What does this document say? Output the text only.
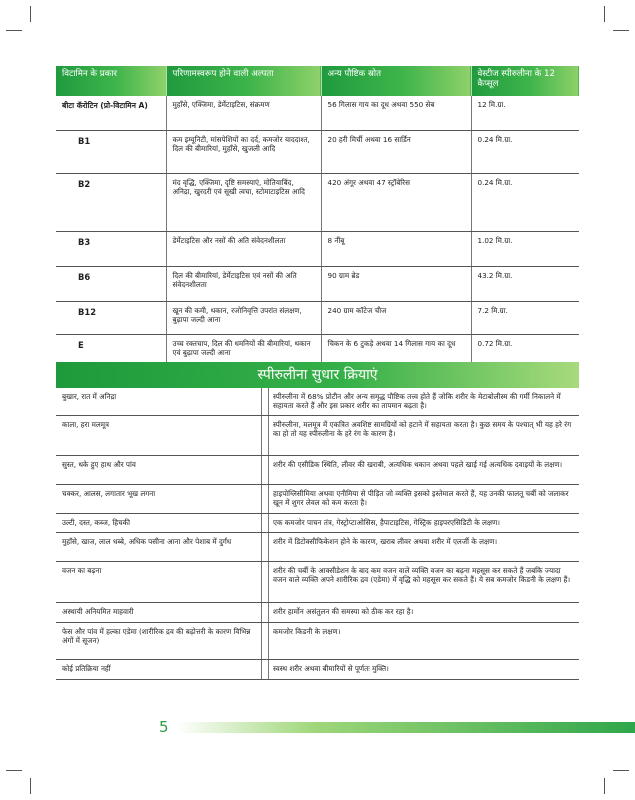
विटामिन के प्रकार	परिणामस्वरूप होने वाली अल्पता	अन्य पौष्टिक स्रोत	वेस्टीज स्पीरुलीना के 12 कैप्सूल
बीटा कॅरोटिन (प्रो-विटामिन A)	मुहाँसे, एक्जिमा, डेर्मेटाइटिस, संक्रमण	56 गिलास गाय का दूध अथवा 550 सेब	12 मि.ग्रा.
B1	कम इम्यूनिटी, मांसपेशियों का दर्द, कमजोर याददाश्त, दिल की बीमारियां, मुहाँसे, खुजली आदि	20 हरी मिर्ची अथवा 16 सार्डिन	0.24 मि.ग्रा.
B2	मंद वृद्धि, एक्जिमा, दृष्टि समस्याएं, मोतियाबिंद, अनिद्रा, खुरदरी एवं सूखी त्वचा, स्टोमाटाइटिस आदि	420 अंगूर अथवा 47 स्ट्रॉबेरिस	0.24 मि.ग्रा.
B3	डेर्मेटाइटिस और नसों की अति संवेदनशीलता	8 नींबू	1.02 मि.ग्रा.
B6	दिल की बीमारियां, डेर्मेटाइटिस एवं नसों की अति संवेदनशीलता	90 ग्राम ब्रेड	43.2 मि.ग्रा.
B12	खून की कमी, थकान, रजोनिवृत्ति उपरांत संलक्षण, बुढ़ापा जल्दी आना	240 ग्राम कॉटेज चीज	7.2 मि.ग्रा.
E	उच्च रक्तचाप, दिल की धमनियों की बीमारियां, थकान एवं बुढ़ापा जल्दी आना	चिकन के 6 टुकड़े अथवा 14 गिलास गाय का दूध	0.72 मि.ग्रा.
स्पीरुलीना सुधार क्रियाएं
बुखार, रात में अनिद्रा		स्पीरुलीना में 68% प्रोटीन और अन्य समृद्ध पौष्टिक तत्त्व होते हैं जोकि शरीर के मेटाबोलीस्म की गर्मी निकालने में सहायता करते हैं और इस प्रकार शरीर का तापमान बढ़ता है।
काला, हरा मलमूत्र		स्पीरुलीना, मलमूत्र में एकत्रित अवशिष्ट सामग्रियों को हटाने में सहायता करता है। कुछ समय के पश्चात् भी यह हरे रंग का हो तो यह स्पीरुलीना के हरे रंग के कारण है।
सुस्त, थके हुए हाथ और पांव		शरीर की एसीडिक स्थिति, लीवर की खराबी, अत्यधिक थकान अथवा पहले खाई गई अत्यधिक दवाइयों के लक्षण।
चक्कर, आलस, लगातार भूख लगना		हाइपोग्लिसीमिया अथवा एनीमिया से पीड़ित जो व्यक्ति इसको इस्तेमाल करते हैं, यह उनकी फालतू चर्बी को जलाकर खून में शुगर लेवल को कम करता है।
उल्टी, दस्त, कब्ज, हिचकी		एक कमजोर पाचन तंत्र, गेस्ट्रोप्टाओसिस, हैपाटाइटिस, गेस्ट्रिक हाइपरएसिडिटी के लक्षण।
मुहाँसे, खाज, लाल धब्बे, अधिक पसीना आना और पेशाब में दुर्गंध		शरीर में डिटोक्सीफिकेशन होने के कारण, खराब लीवर अथवा शरीर में एलर्जी के लक्षण।
वजन का बढ़ना		शरीर की चर्बी के आक्सीडेशन के बाद कम वजन वाले व्यक्ति वजन का बढ़ना महसूस कर सकते हैं जबकि ज्यादा वजन वाले व्यक्ति अपने शारीरिक द्रव (एडेमा) में वृद्धि को महसूस कर सकते हैं। ये सब कमजोर किडनी के लक्षण हैं।
अस्थायी अनियमित माहवारी		शरीर हार्मोन असंतुलन की समस्या को ठीक कर रहा है।
फेस और पांव में हल्का एडेमा (शारीरिक द्रव की बढ़ोत्तरी के कारण विभिन्न अंगों में सूजन)		कमजोर किडनी के लक्षण।
कोई प्रतिक्रिया नहीं		स्वस्थ शरीर अथवा बीमारियों से पूर्णतः मुक्ति।
5
